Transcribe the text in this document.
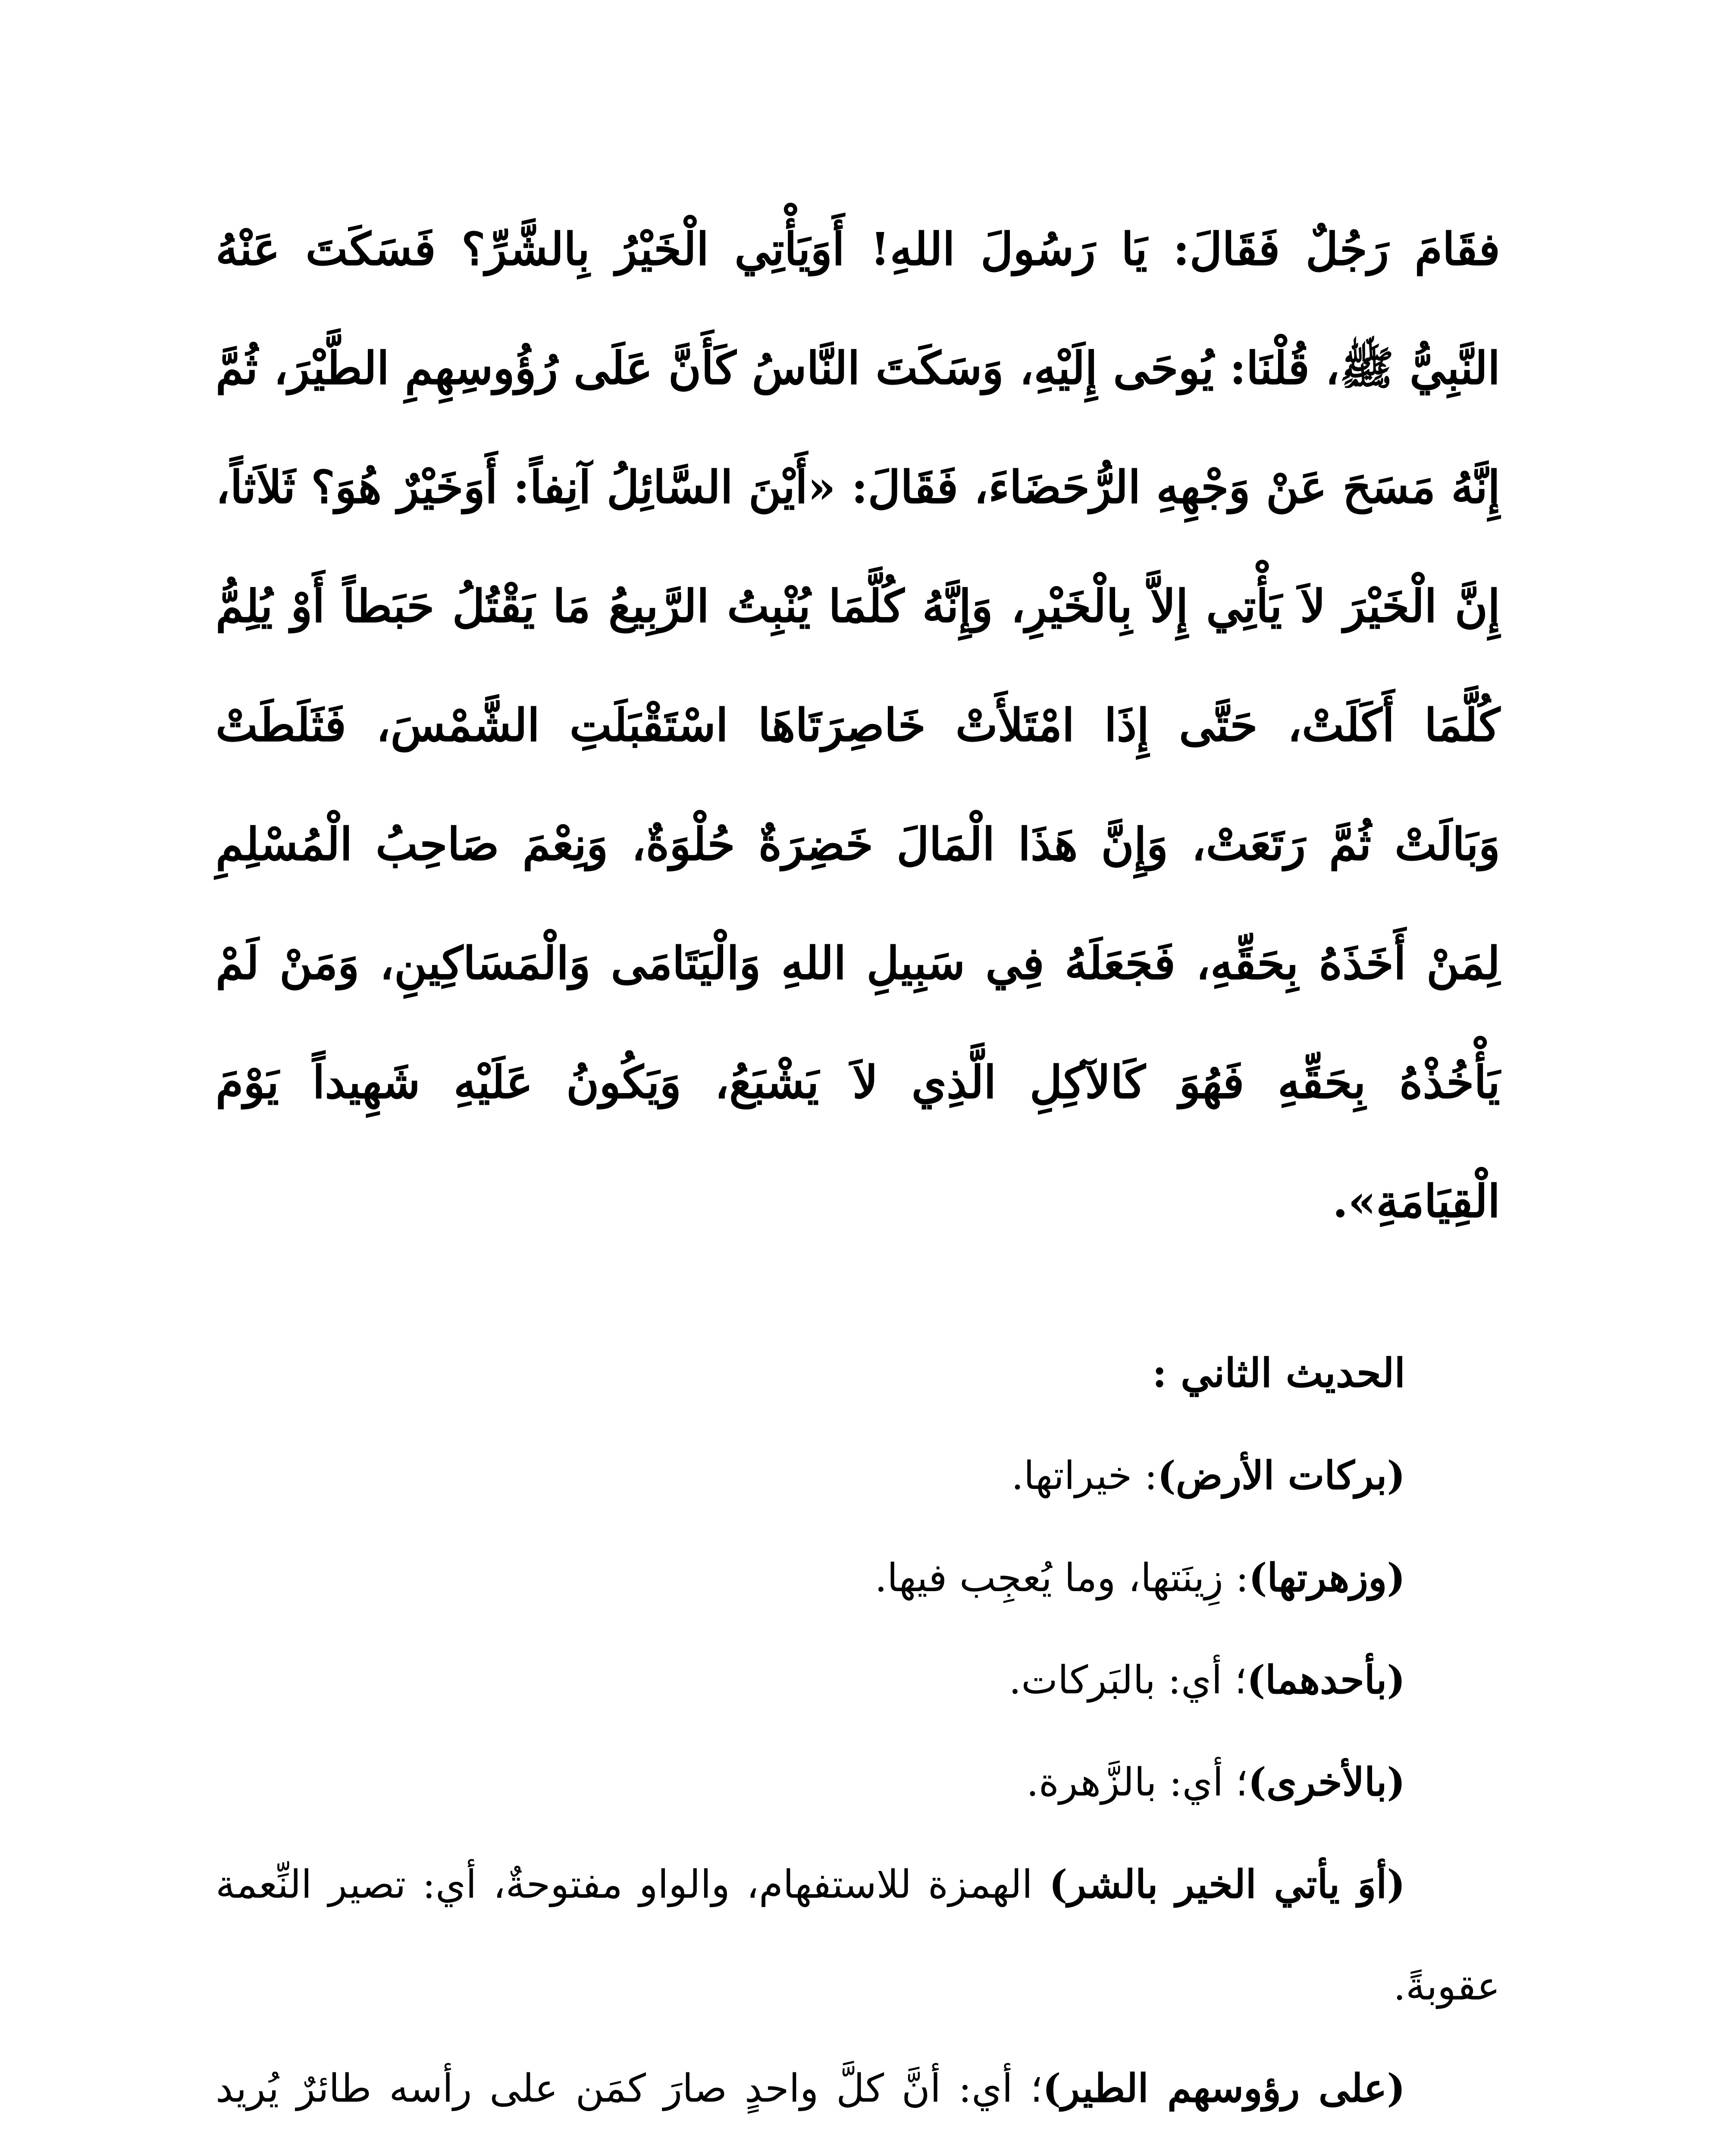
فقَامَ رَجُلٌ فَقَالَ: يَا رَسُولَ اللهِ! أَوَيَأْتِي الْخَيْرُ بِالشَّرِّ؟ فَسَكَتَ عَنْهُ النَّبِيُّ ﷺ، قُلْنَا: يُوحَى إِلَيْهِ، وَسَكَتَ النَّاسُ كَأَنَّ عَلَى رُؤُوسِهِمِ الطَّيْرَ، ثُمَّ إِنَّهُ مَسَحَ عَنْ وَجْهِهِ الرُّحَضَاءَ، فَقَالَ: «أَيْنَ السَّائِلُ آنِفاً: أَوَخَيْرٌ هُوَ؟ ثَلاَثاً، إِنَّ الْخَيْرَ لاَ يَأْتِي إِلاَّ بِالْخَيْرِ، وَإِنَّهُ كُلَّمَا يُنْبِتُ الرَّبِيعُ مَا يَقْتُلُ حَبَطاً أَوْ يُلِمُّ كُلَّمَا أَكَلَتْ، حَتَّى إِذَا امْتَلأَتْ خَاصِرَتَاهَا اسْتَقْبَلَتِ الشَّمْسَ، فَثَلَطَتْ وَبَالَتْ ثُمَّ رَتَعَتْ، وَإِنَّ هَذَا الْمَالَ خَضِرَةٌ حُلْوَةٌ، وَنِعْمَ صَاحِبُ الْمُسْلِمِ لِمَنْ أَخَذَهُ بِحَقِّهِ، فَجَعَلَهُ فِي سَبِيلِ اللهِ وَالْيَتَامَى وَالْمَسَاكِينِ، وَمَنْ لَمْ يَأْخُذْهُ بِحَقِّهِ فَهُوَ كَالآكِلِ الَّذِي لاَ يَشْبَعُ، وَيَكُونُ عَلَيْهِ شَهِيداً يَوْمَ الْقِيَامَةِ».

الحديث الثاني :

(بركات الأرض): خيراتها.

(وزهرتها): زِينَتها، وما يُعجِب فيها.

(بأحدهما)؛ أي: بالبَركات.

(بالأخرى)؛ أي: بالزَّهرة.

(أوَ يأتي الخير بالشر) الهمزة للاستفهام، والواو مفتوحةٌ، أي: تصير النِّعمة عقوبةً.

(على رؤوسهم الطير)؛ أي: أنَّ كلَّ واحدٍ صارَ كمَن على رأسه طائرٌ يُريد
